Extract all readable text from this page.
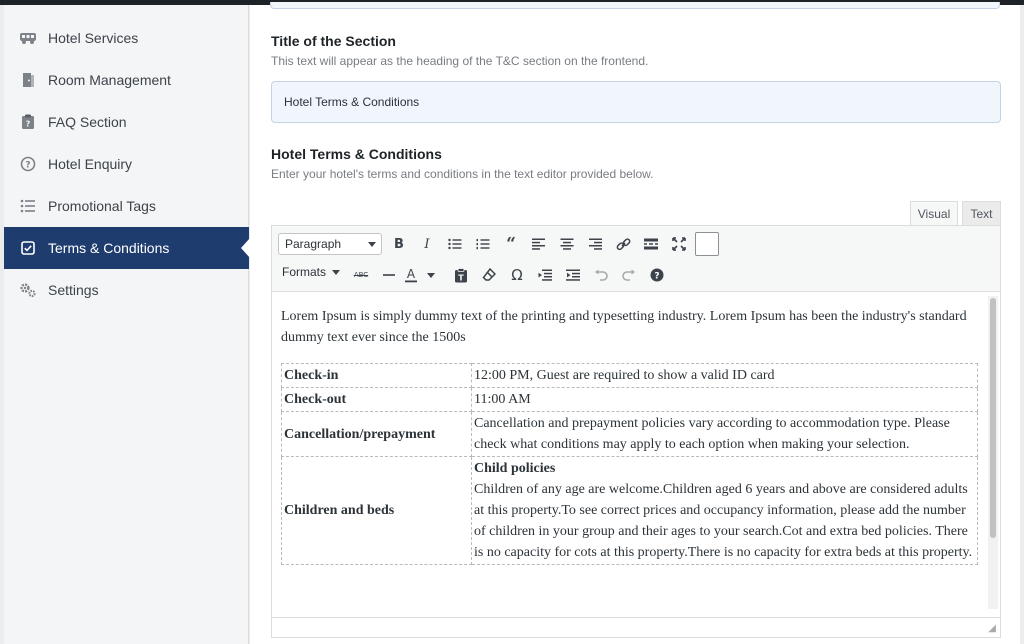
Hotel Services
Room Management
? FAQ Section
? Hotel Enquiry
Promotional Tags
Terms & Conditions
Settings
Title of the Section
This text will appear as the heading of the T&C section on the frontend.
Hotel Terms & Conditions
Hotel Terms & Conditions
Enter your hotel's terms and conditions in the text editor provided below.
Visual	Text
Paragraph	B	I	“
Formats	ABC	A	T	Ω	?

Lorem Ipsum is simply dummy text of the printing and typesetting industry. Lorem Ipsum has been the industry's standard dummy text ever since the 1500s

Check-in	12:00 PM, Guest are required to show a valid ID card
Check-out	11:00 AM
Cancellation/prepayment	Cancellation and prepayment policies vary according to accommodation type. Please check what conditions may apply to each option when making your selection.
Children and beds	Child policies
Children of any age are welcome.Children aged 6 years and above are considered adults at this property.To see correct prices and occupancy information, please add the number of children in your group and their ages to your search.Cot and extra bed policies. There is no capacity for cots at this property.There is no capacity for extra beds at this property.
◢
